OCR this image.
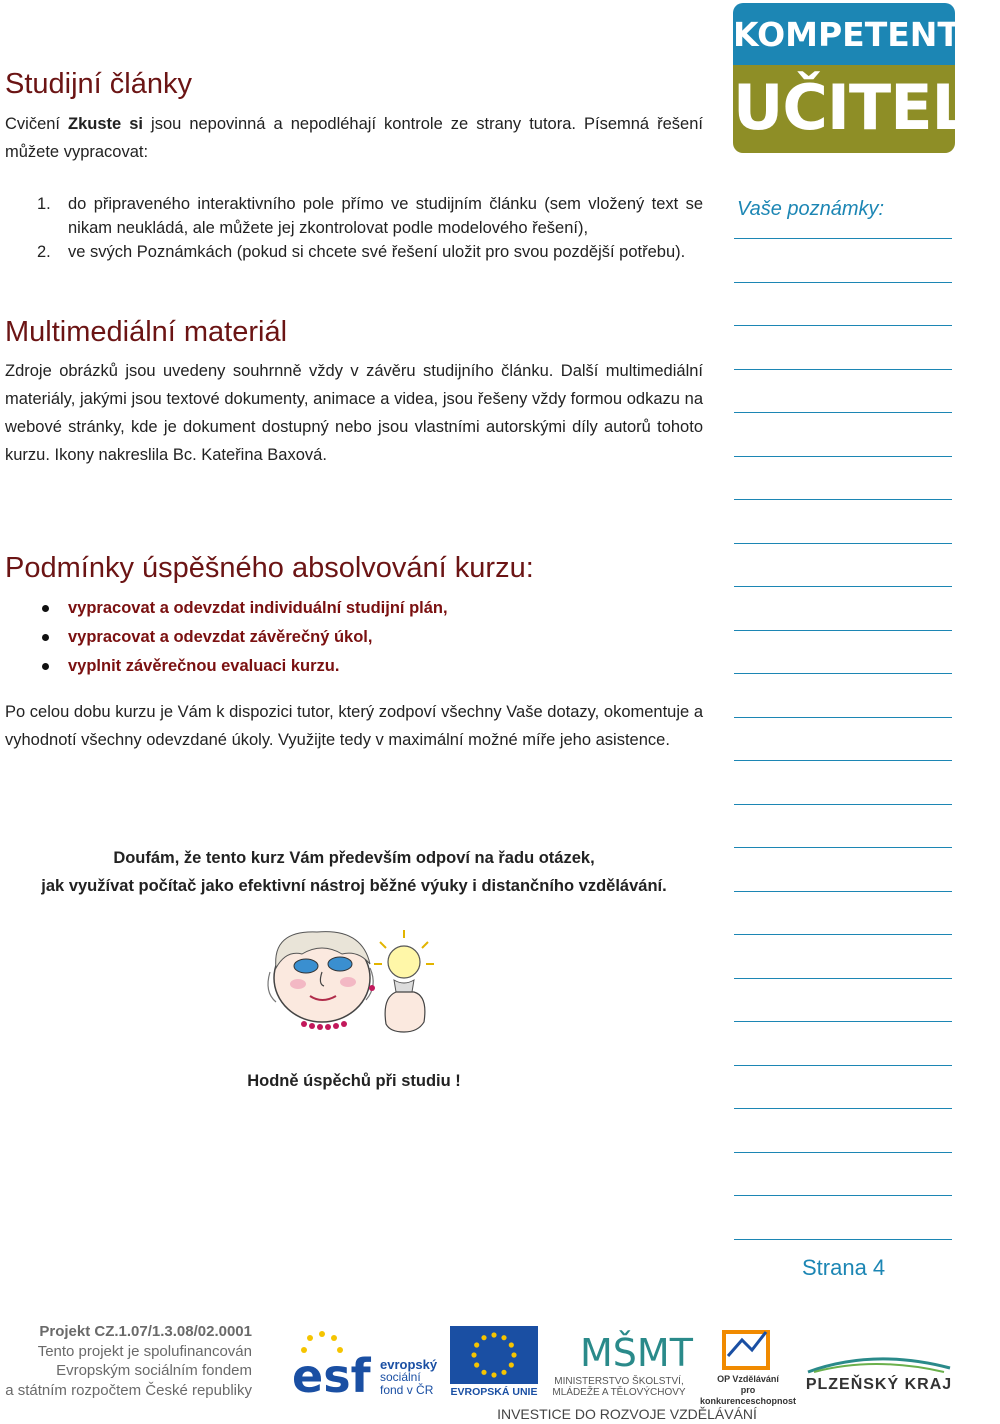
KOMPETENTNÍ
UČITEL
Studijní články
Cvičení Zkuste si jsou nepovinná a nepodléhají kontrole ze strany tutora. Písemná řešení můžete vypracovat:
1. do připraveného interaktivního pole přímo ve studijním článku (sem vložený text se nikam neukládá, ale můžete jej zkontrolovat podle modelového řešení),
2. ve svých Poznámkách (pokud si chcete své řešení uložit pro svou pozdější potřebu).
Multimediální materiál
Zdroje obrázků jsou uvedeny souhrnně vždy v závěru studijního článku. Další multimediální materiály, jakými jsou textové dokumenty, animace a videa, jsou řešeny vždy formou odkazu na webové stránky, kde je dokument dostupný nebo jsou vlastními autorskými díly autorů tohoto kurzu. Ikony nakreslila Bc. Kateřina Baxová.
Podmínky úspěšného absolvování kurzu:
vypracovat a odevzdat individuální studijní plán,
vypracovat a odevzdat závěrečný úkol,
vyplnit závěrečnou evaluaci kurzu.
Po celou dobu kurzu je Vám k dispozici tutor, který zodpoví všechny Vaše dotazy, okomentuje a vyhodnotí všechny odevzdané úkoly. Využijte tedy v maximální možné míře jeho asistence.
Doufám, že tento kurz Vám především odpoví na řadu otázek,
jak využívat počítač jako efektivní nástroj běžné výuky i distančního vzdělávání.
Hodně úspěchů při studiu !
Vaše poznámky:
Strana 4
Projekt CZ.1.07/1.3.08/02.0001
Tento projekt je spolufinancován
Evropským sociálním fondem
a státním rozpočtem České republiky esf evropský
sociální
fond v ČR	EVROPSKÁ UNIE
MŠMT
MINISTERSTVO ŠKOLSTVÍ,
MLÁDEŽE A TĚLOVÝCHOVY
OP Vzdělávání
pro konkurenceschopnost
PLZEŇSKÝ KRAJ
INVESTICE DO ROZVOJE VZDĚLÁVÁNÍ
